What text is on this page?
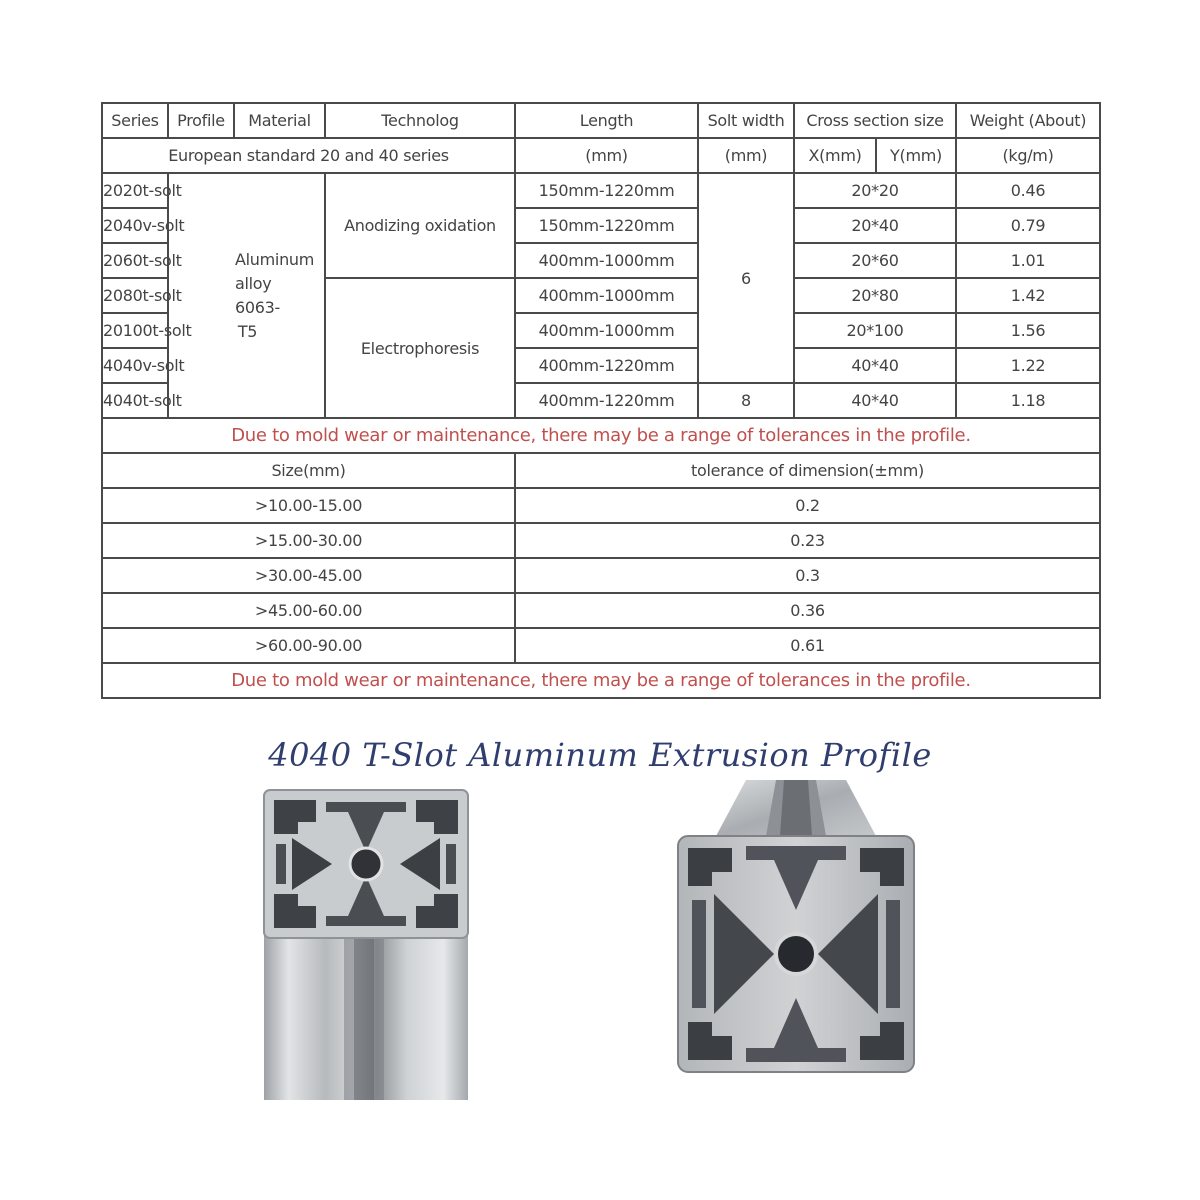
Series	Profile	Material	Technolog	Length	Solt width	Cross section size		Weight (About)
European standard 20 and 40 series				(mm)	(mm)	X(mm)	Y(mm)	(kg/m)
2020t-solt	Aluminum alloy 6063-T5		Anodizing oxidation	150mm-1220mm	6	20*20		0.46
2040v-solt				150mm-1220mm		20*40		0.79
2060t-solt				400mm-1000mm		20*60		1.01
2080t-solt			Electrophoresis	400mm-1000mm		20*80		1.42
20100t-solt				400mm-1000mm		20*100		1.56
4040v-solt				400mm-1220mm		40*40		1.22
4040t-solt				400mm-1220mm	8	40*40		1.18
Due to mold wear or maintenance, there may be a range of tolerances in the profile.								
Size(mm)				tolerance of dimension(±mm)				
>10.00-15.00				0.2				
>15.00-30.00				0.23				
>30.00-45.00				0.3				
>45.00-60.00				0.36				
>60.00-90.00				0.61				
Due to mold wear or maintenance, there may be a range of tolerances in the profile.								
4040 T-Slot Aluminum Extrusion Profile
